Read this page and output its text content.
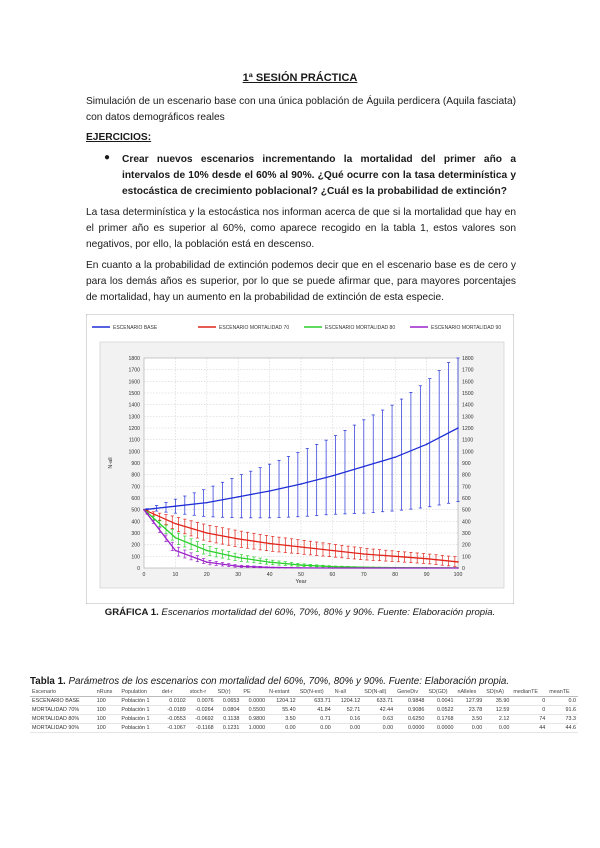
1ª SESIÓN PRÁCTICA
Simulación de un escenario base con una única población de Águila perdicera (Aquila fasciata) con datos demográficos reales
EJERCICIOS:
● Crear nuevos escenarios incrementando la mortalidad del primer año a intervalos de 10% desde el 60% al 90%. ¿Qué ocurre con la tasa determinística y estocástica de crecimiento poblacional? ¿Cuál es la probabilidad de extinción?
La tasa determinística y la estocástica nos informan acerca de que si la mortalidad que hay en el primer año es superior al 60%, como aparece recogido en la tabla 1, estos valores son negativos, por ello, la población está en descenso.
En cuanto a la probabilidad de extinción podemos decir que en el escenario base es de cero y para los demás años es superior, por lo que se puede afirmar que, para mayores porcentajes de mortalidad, hay un aumento en la probabilidad de extinción de esta especie.
ESCENARIO BASE	ESCENARIO MORTALIDAD 70	ESCENARIO MORTALIDAD 80	ESCENARIO MORTALIDAD 90
0	0
100	100
200	200
300	300
400	400
500	500
600	600
700	700
800	800
900	900
1000	1000
1100	1100
1200	1200
1300	1300
1400	1400
1500	1500
1600	1600
1700	1700
1800	1800
0	10	20	30	40	50	60	70	80	90	100
Year
N-all
GRÁFICA 1. Escenarios mortalidad del 60%, 70%, 80% y 90%. Fuente: Elaboración propia.
Tabla 1. Parámetros de los escenarios con mortalidad del 60%, 70%, 80% y 90%. Fuente: Elaboración propia.
Escenario	nRuns	Population	det-r	stoch-r	SD(r)	PE	N-extant	SD(N-ext)	N-all	SD(N-all)	GeneDiv	SD(GD)	nAlleles	SD(nA)	medianTE	meanTE
ESCENARIO BASE	100	Población 1	0.0102	0.0076	0.0653	0.0000	1204.12	633.71	1204.12	633.71	0.9848	0.0041	127.99	35.90	0	0.0
MORTALIDAD 70%	100	Población 1	-0.0189	-0.0264	0.0804	0.5500	55.40	41.84	52.71	42.44	0.9086	0.0522	23.78	12.59	0	91.6
MORTALIDAD 80%	100	Población 1	-0.0553	-0.0692	0.1138	0.9800	3.50	0.71	0.16	0.63	0.6250	0.1768	3.50	2.12	74	73.3
MORTALIDAD 90%	100	Población 1	-0.1067	-0.1168	0.1231	1.0000	0.00	0.00	0.00	0.00	0.0000	0.0000	0.00	0.00	44	44.6
